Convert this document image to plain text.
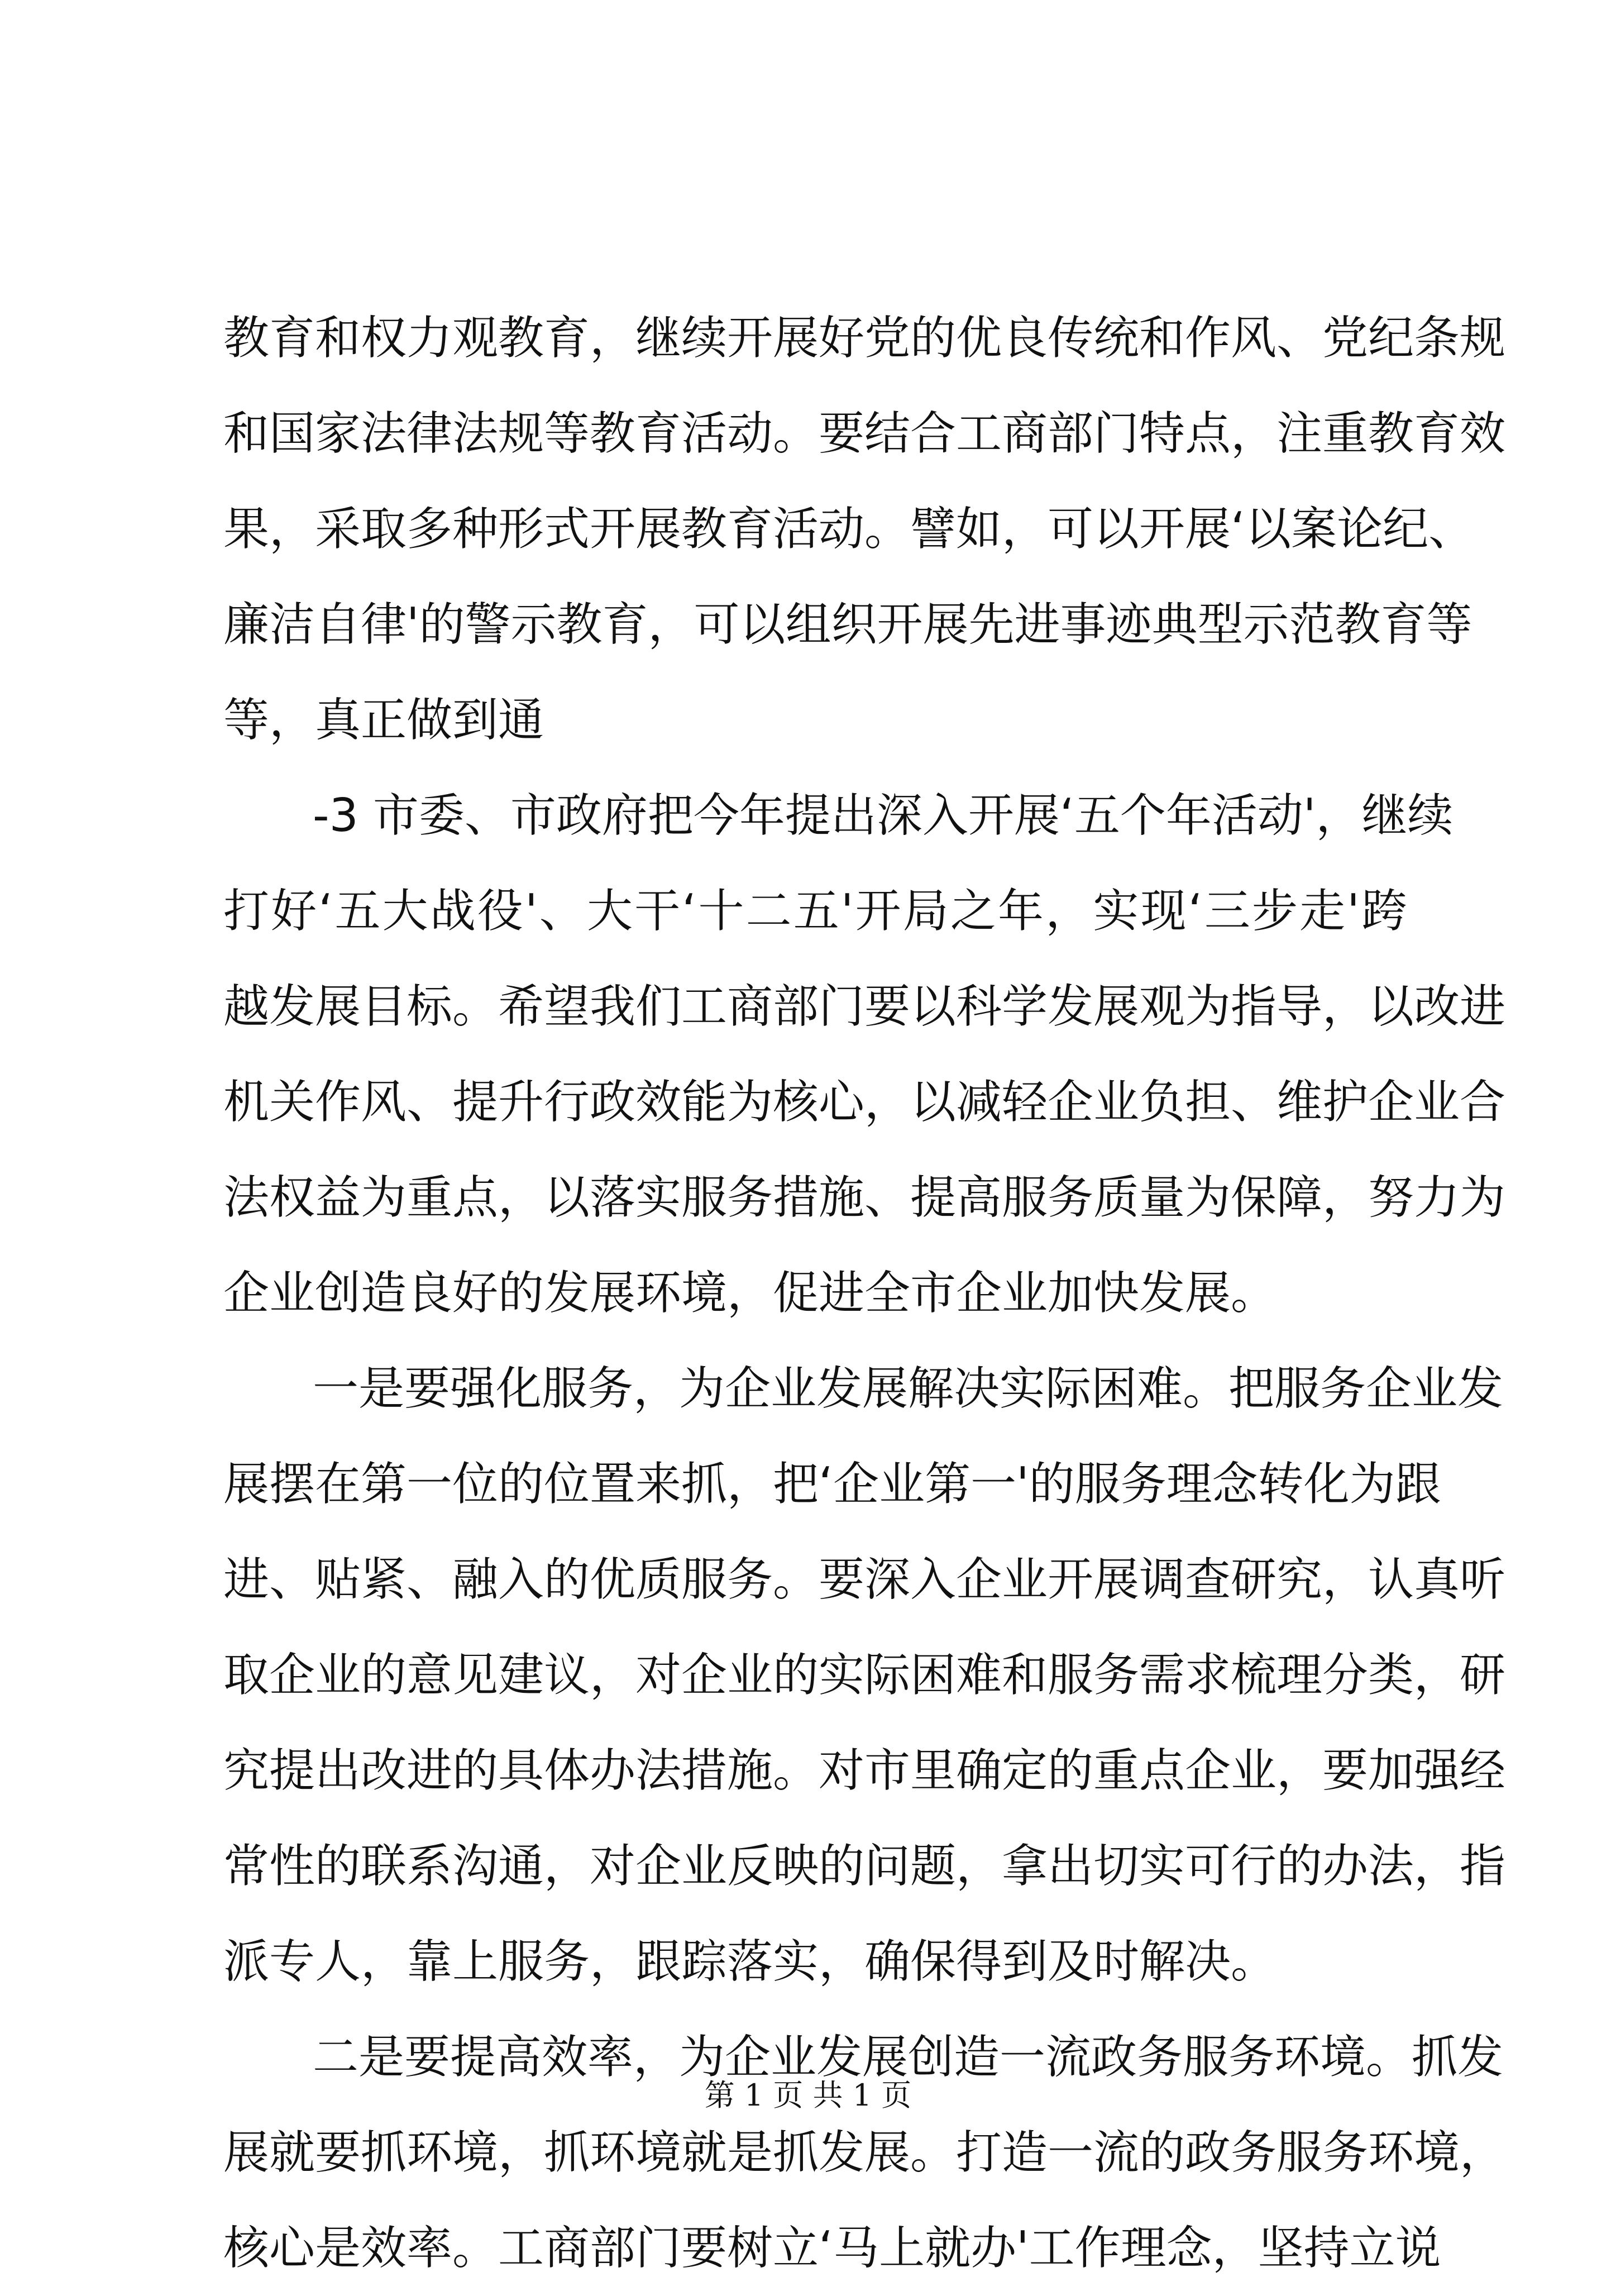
教育和权力观教育，继续开展好党的优良传统和作风、党纪条规
和国家法律法规等教育活动。要结合工商部门特点，注重教育效
果，采取多种形式开展教育活动。譬如，可以开展‘以案论纪、
廉洁自律'的警示教育，可以组织开展先进事迹典型示范教育等
等，真正做到通
-3 市委、市政府把今年提出深入开展‘五个年活动'，继续
打好‘五大战役'、大干‘十二五'开局之年，实现‘三步走'跨
越发展目标。希望我们工商部门要以科学发展观为指导，以改进
机关作风、提升行政效能为核心，以减轻企业负担、维护企业合
法权益为重点，以落实服务措施、提高服务质量为保障，努力为
企业创造良好的发展环境，促进全市企业加快发展。
一是要强化服务，为企业发展解决实际困难。把服务企业发
展摆在第一位的位置来抓，把‘企业第一'的服务理念转化为跟
进、贴紧、融入的优质服务。要深入企业开展调查研究，认真听
取企业的意见建议，对企业的实际困难和服务需求梳理分类，研
究提出改进的具体办法措施。对市里确定的重点企业，要加强经
常性的联系沟通，对企业反映的问题，拿出切实可行的办法，指
派专人，靠上服务，跟踪落实，确保得到及时解决。
二是要提高效率，为企业发展创造一流政务服务环境。抓发
展就要抓环境，抓环境就是抓发展。打造一流的政务服务环境，
核心是效率。工商部门要树立‘马上就办'工作理念，坚持立说
第 1 页 共 1 页
